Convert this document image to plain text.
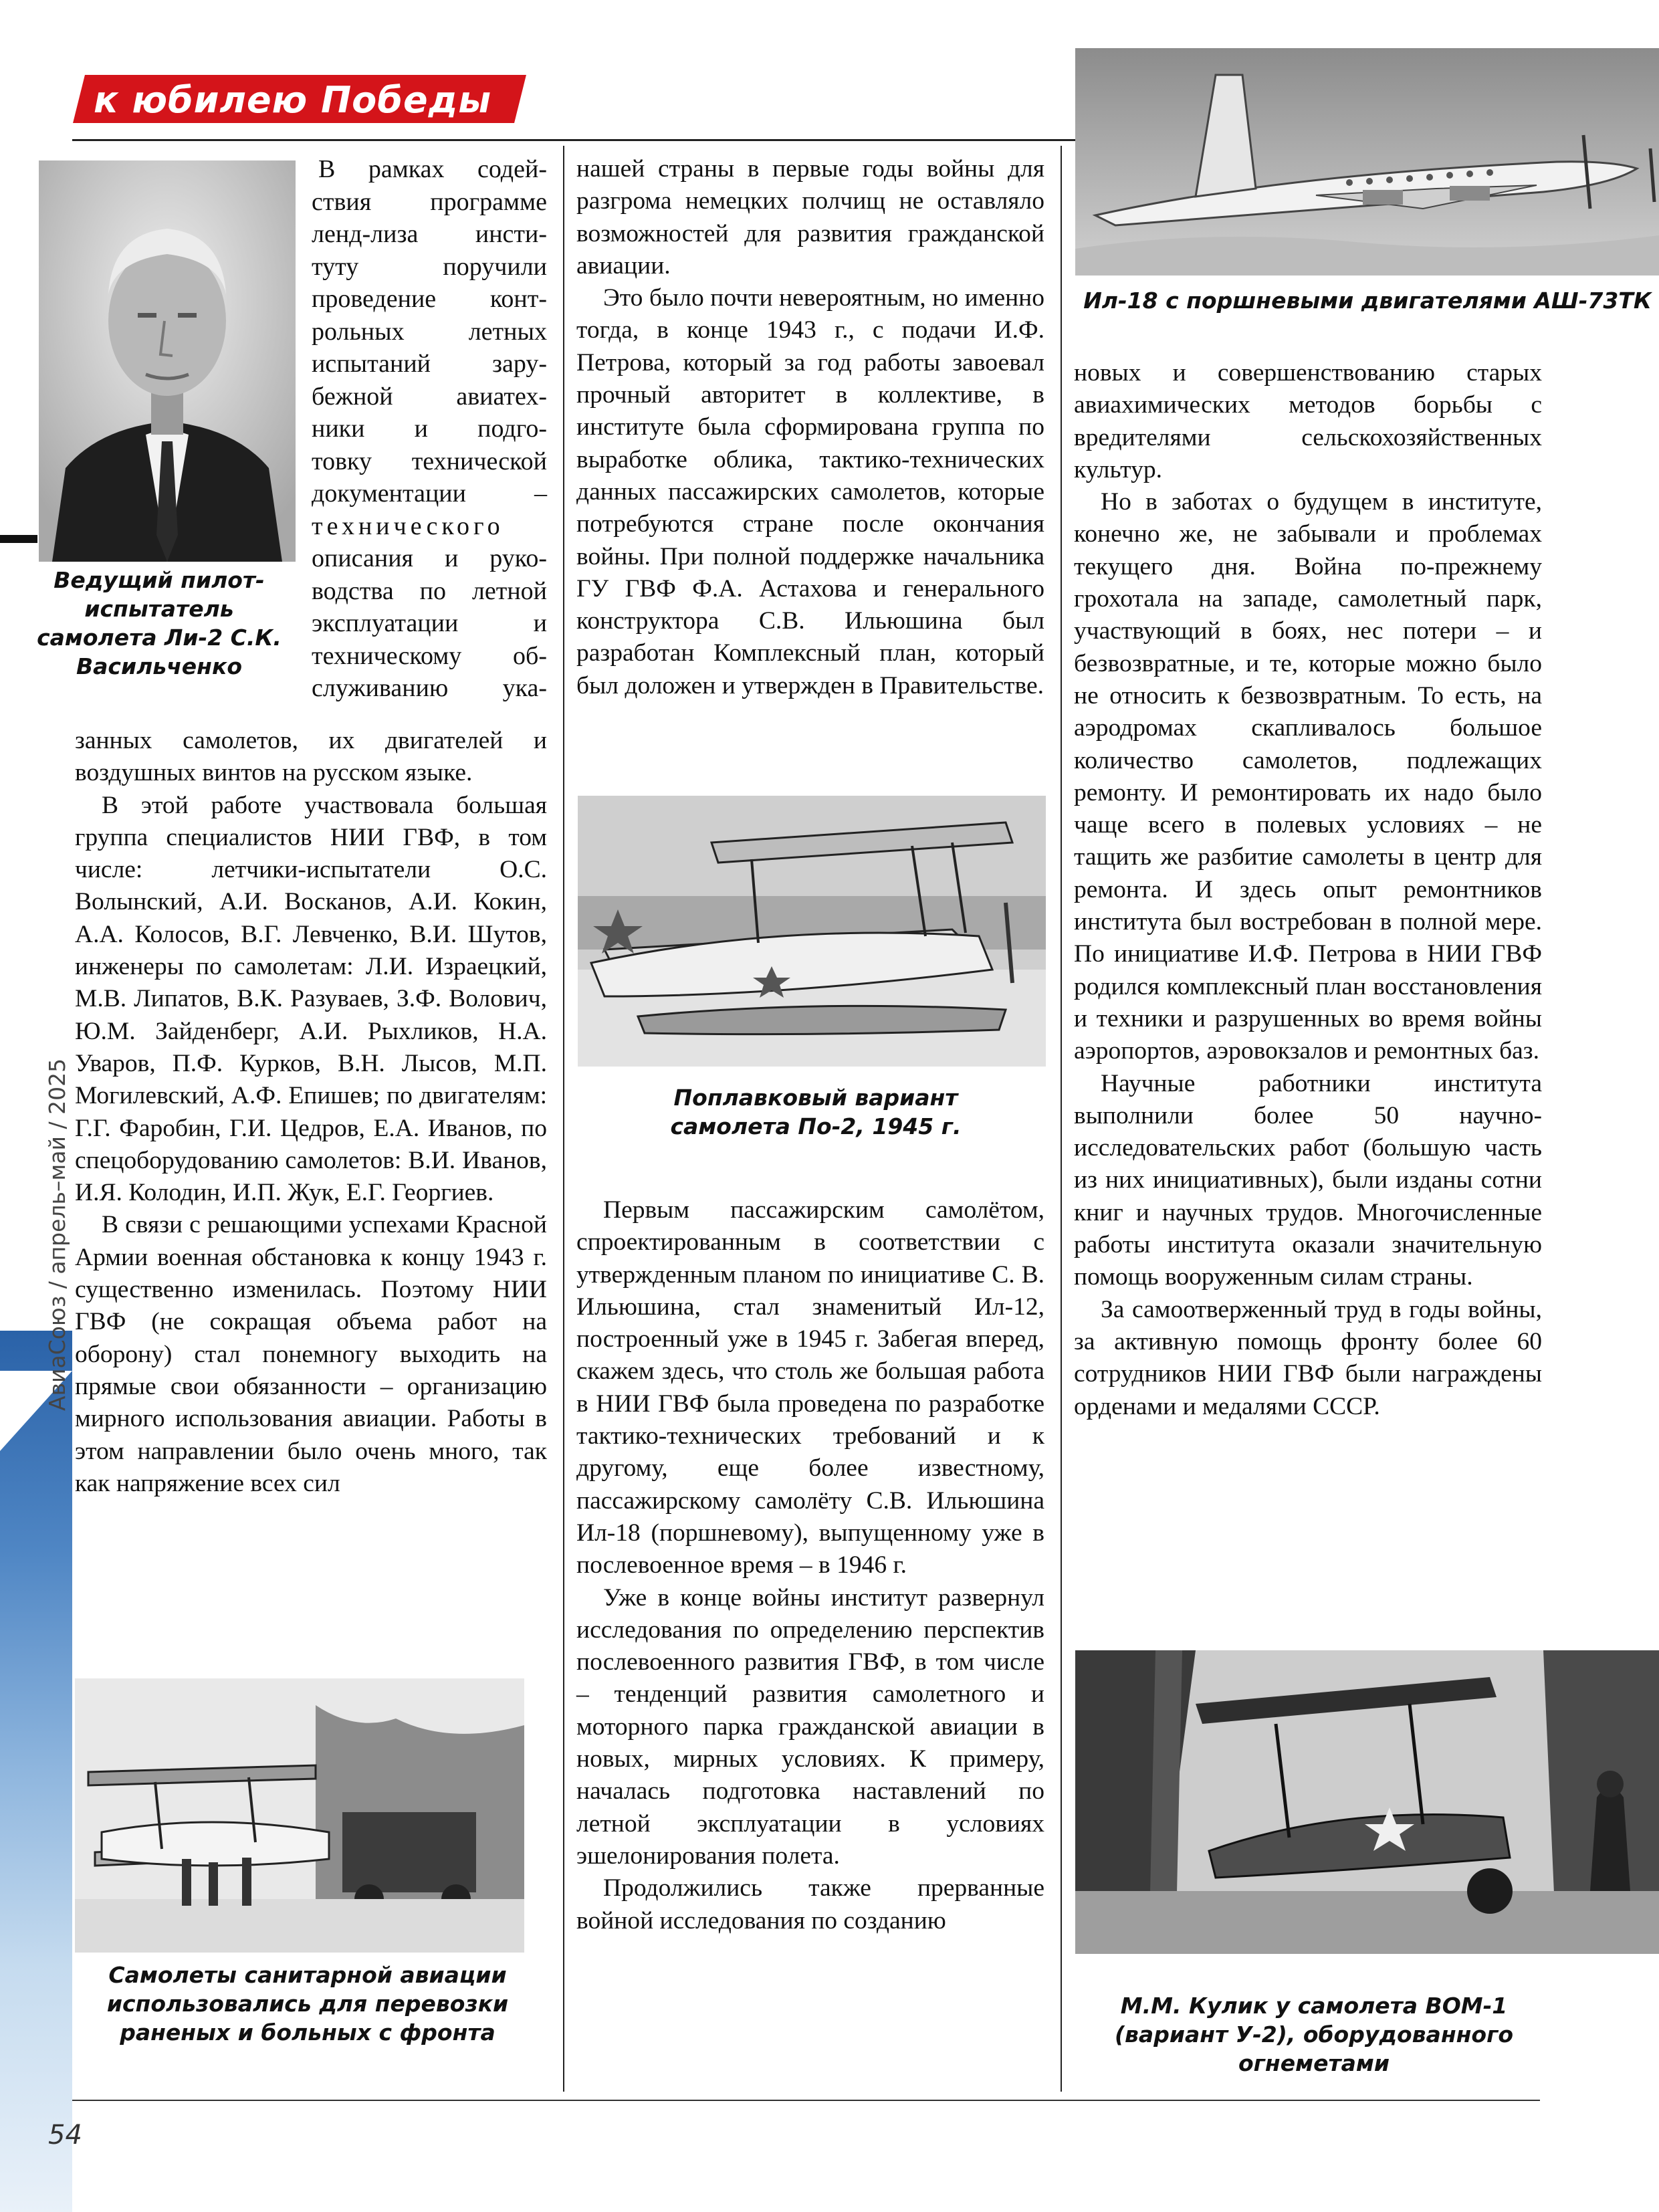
к юбилею Победы
АвиаСоюз / апрель–май / 2025
Ведущий пилот-испытатель самолета Ли-2 С.К. Васильченко
Ил-18 с поршневыми двигателями АШ-73ТК
Поплавковый вариант самолета По-2, 1945 г.
Самолеты санитарной авиации использовались для перевозки раненых и больных с фронта
М.М. Кулик у самолета ВОМ-1 (вариант У-2), оборудованного огнеметами
В рамках содей-
ствия программе
ленд-лиза инсти-
туту поручили
проведение конт-
рольных летных
испытаний зару-
бежной авиатех-
ники и подго-
товку технической
документации –
технического
описания и руко-
водства по летной
эксплуатации и
техническому об-
служиванию ука-

занных самолетов, их двигателей и воздушных винтов на русском языке.

В этой работе участвовала большая группа специалистов НИИ ГВФ, в том числе: летчики-испытатели О.С. Волынский, А.И. Восканов, А.И. Кокин, А.А. Колосов, В.Г. Левченко, В.И. Шутов, инженеры по самолетам: Л.И. Израецкий, М.В. Липатов, В.К. Разуваев, З.Ф. Волович, Ю.М. Зайденберг, А.И. Рыхликов, Н.А. Уваров, П.Ф. Курков, В.Н. Лысов, М.П. Могилевский, А.Ф. Епишев; по двигателям: Г.Г. Фаробин, Г.И. Цедров, Е.А. Иванов, по спецоборудованию самолетов: В.И. Иванов, И.Я. Колодин, И.П. Жук, Е.Г. Георгиев.

В связи с решающими успехами Красной Армии военная обстановка к концу 1943 г. существенно изменилась. Поэтому НИИ ГВФ (не сокращая объема работ на оборону) стал понемногу выходить на прямые свои обязанности – организацию мирного использования авиации. Работы в этом направлении было очень много, так как напряжение всех сил

нашей страны в первые годы войны для разгрома немецких полчищ не оставляло возможностей для развития гражданской авиации.

Это было почти невероятным, но именно тогда, в конце 1943 г., с подачи И.Ф. Петрова, который за год работы завоевал прочный авторитет в коллективе, в институте была сформирована группа по выработке облика, тактико-технических данных пассажирских самолетов, которые потребуются стране после окончания войны. При полной поддержке начальника ГУ ГВФ Ф.А. Астахова и генерального конструктора С.В. Ильюшина был разработан Комплексный план, который был доложен и утвержден в Правительстве.

Первым пассажирским самолётом, спроектированным в соответствии с утвержденным планом по инициативе С. В. Ильюшина, стал знаменитый Ил-12, построенный уже в 1945 г. Забегая вперед, скажем здесь, что столь же большая работа в НИИ ГВФ была проведена по разработке тактико-технических требований и к другому, еще более известному, пассажирскому самолёту С.В. Ильюшина Ил-18 (поршневому), выпущенному уже в послевоенное время – в 1946 г.

Уже в конце войны институт развернул исследования по определению перспектив послевоенного развития ГВФ, в том числе – тенденций развития самолетного и моторного парка гражданской авиации в новых, мирных условиях. К примеру, началась подготовка наставлений по летной эксплуатации в условиях эшелонирования полета.

Продолжились также прерванные войной исследования по созданию

новых и совершенствованию старых авиахимических методов борьбы с вредителями сельскохозяйственных культур.

Но в заботах о будущем в институте, конечно же, не забывали и проблемах текущего дня. Война по-прежнему грохотала на западе, самолетный парк, участвующий в боях, нес потери – и безвозвратные, и те, которые можно было не относить к безвозвратным. То есть, на аэродромах скапливалось большое количество самолетов, подлежащих ремонту. И ремонтировать их надо было чаще всего в полевых условиях – не тащить же разбитие самолеты в центр для ремонта. И здесь опыт ремонтников института был востребован в полной мере. По инициативе И.Ф. Петрова в НИИ ГВФ родился комплексный план восстановления и техники и разрушенных во время войны аэропортов, аэровокзалов и ремонтных баз.

Научные работники института выполнили более 50 научно-исследовательских работ (большую часть из них инициативных), были изданы сотни книг и научных трудов. Многочисленные работы института оказали значительную помощь вооруженным силам страны.

За самоотверженный труд в годы войны, за активную помощь фронту более 60 сотрудников НИИ ГВФ были награждены орденами и медалями СССР.

54
